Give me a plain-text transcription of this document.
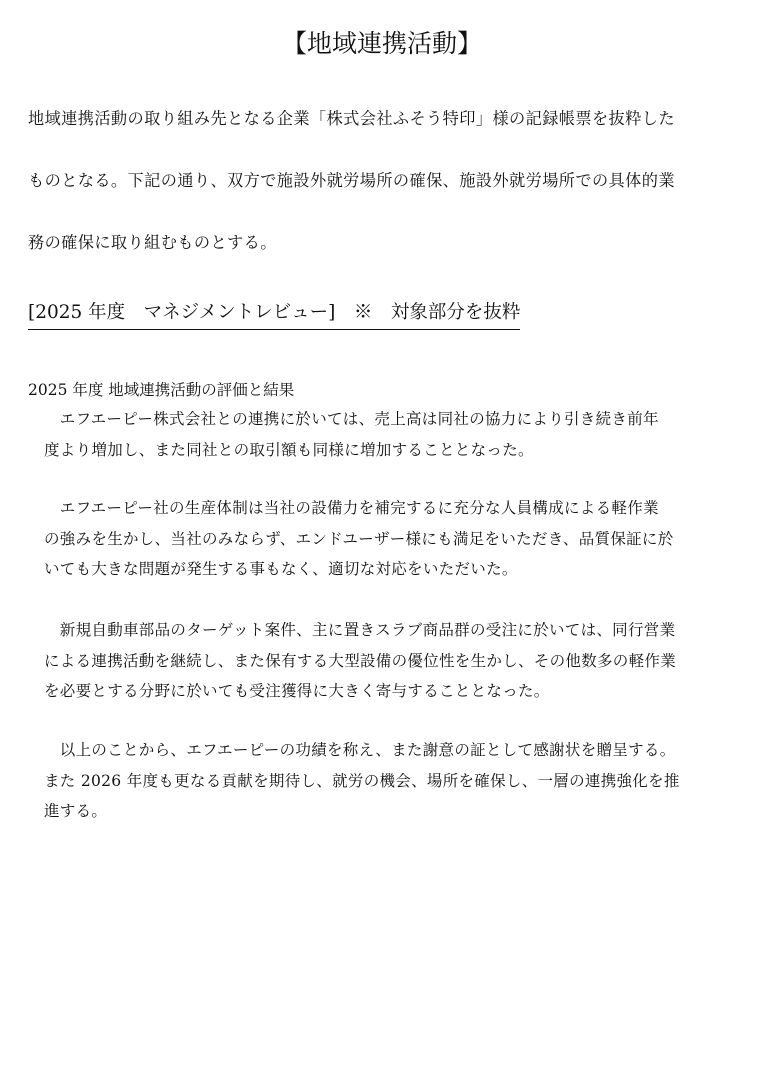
【地域連携活動】
地域連携活動の取り組み先となる企業「株式会社ふそう特印」様の記録帳票を抜粋した
ものとなる。下記の通り、双方で施設外就労場所の確保、施設外就労場所での具体的業
務の確保に取り組むものとする。
[2025 年度　マネジメントレビュー]　※　対象部分を抜粋
2025 年度 地域連携活動の評価と結果
　エフエーピー株式会社との連携に於いては、売上高は同社の協力により引き続き前年
度より増加し、また同社との取引額も同様に増加することとなった。
　エフエーピー社の生産体制は当社の設備力を補完するに充分な人員構成による軽作業
の強みを生かし、当社のみならず、エンドユーザー様にも満足をいただき、品質保証に於
いても大きな問題が発生する事もなく、適切な対応をいただいた。
　新規自動車部品のターゲット案件、主に置きスラブ商品群の受注に於いては、同行営業
による連携活動を継続し、また保有する大型設備の優位性を生かし、その他数多の軽作業
を必要とする分野に於いても受注獲得に大きく寄与することとなった。
　以上のことから、エフエーピーの功績を称え、また謝意の証として感謝状を贈呈する。
また 2026 年度も更なる貢献を期待し、就労の機会、場所を確保し、一層の連携強化を推
進する。
